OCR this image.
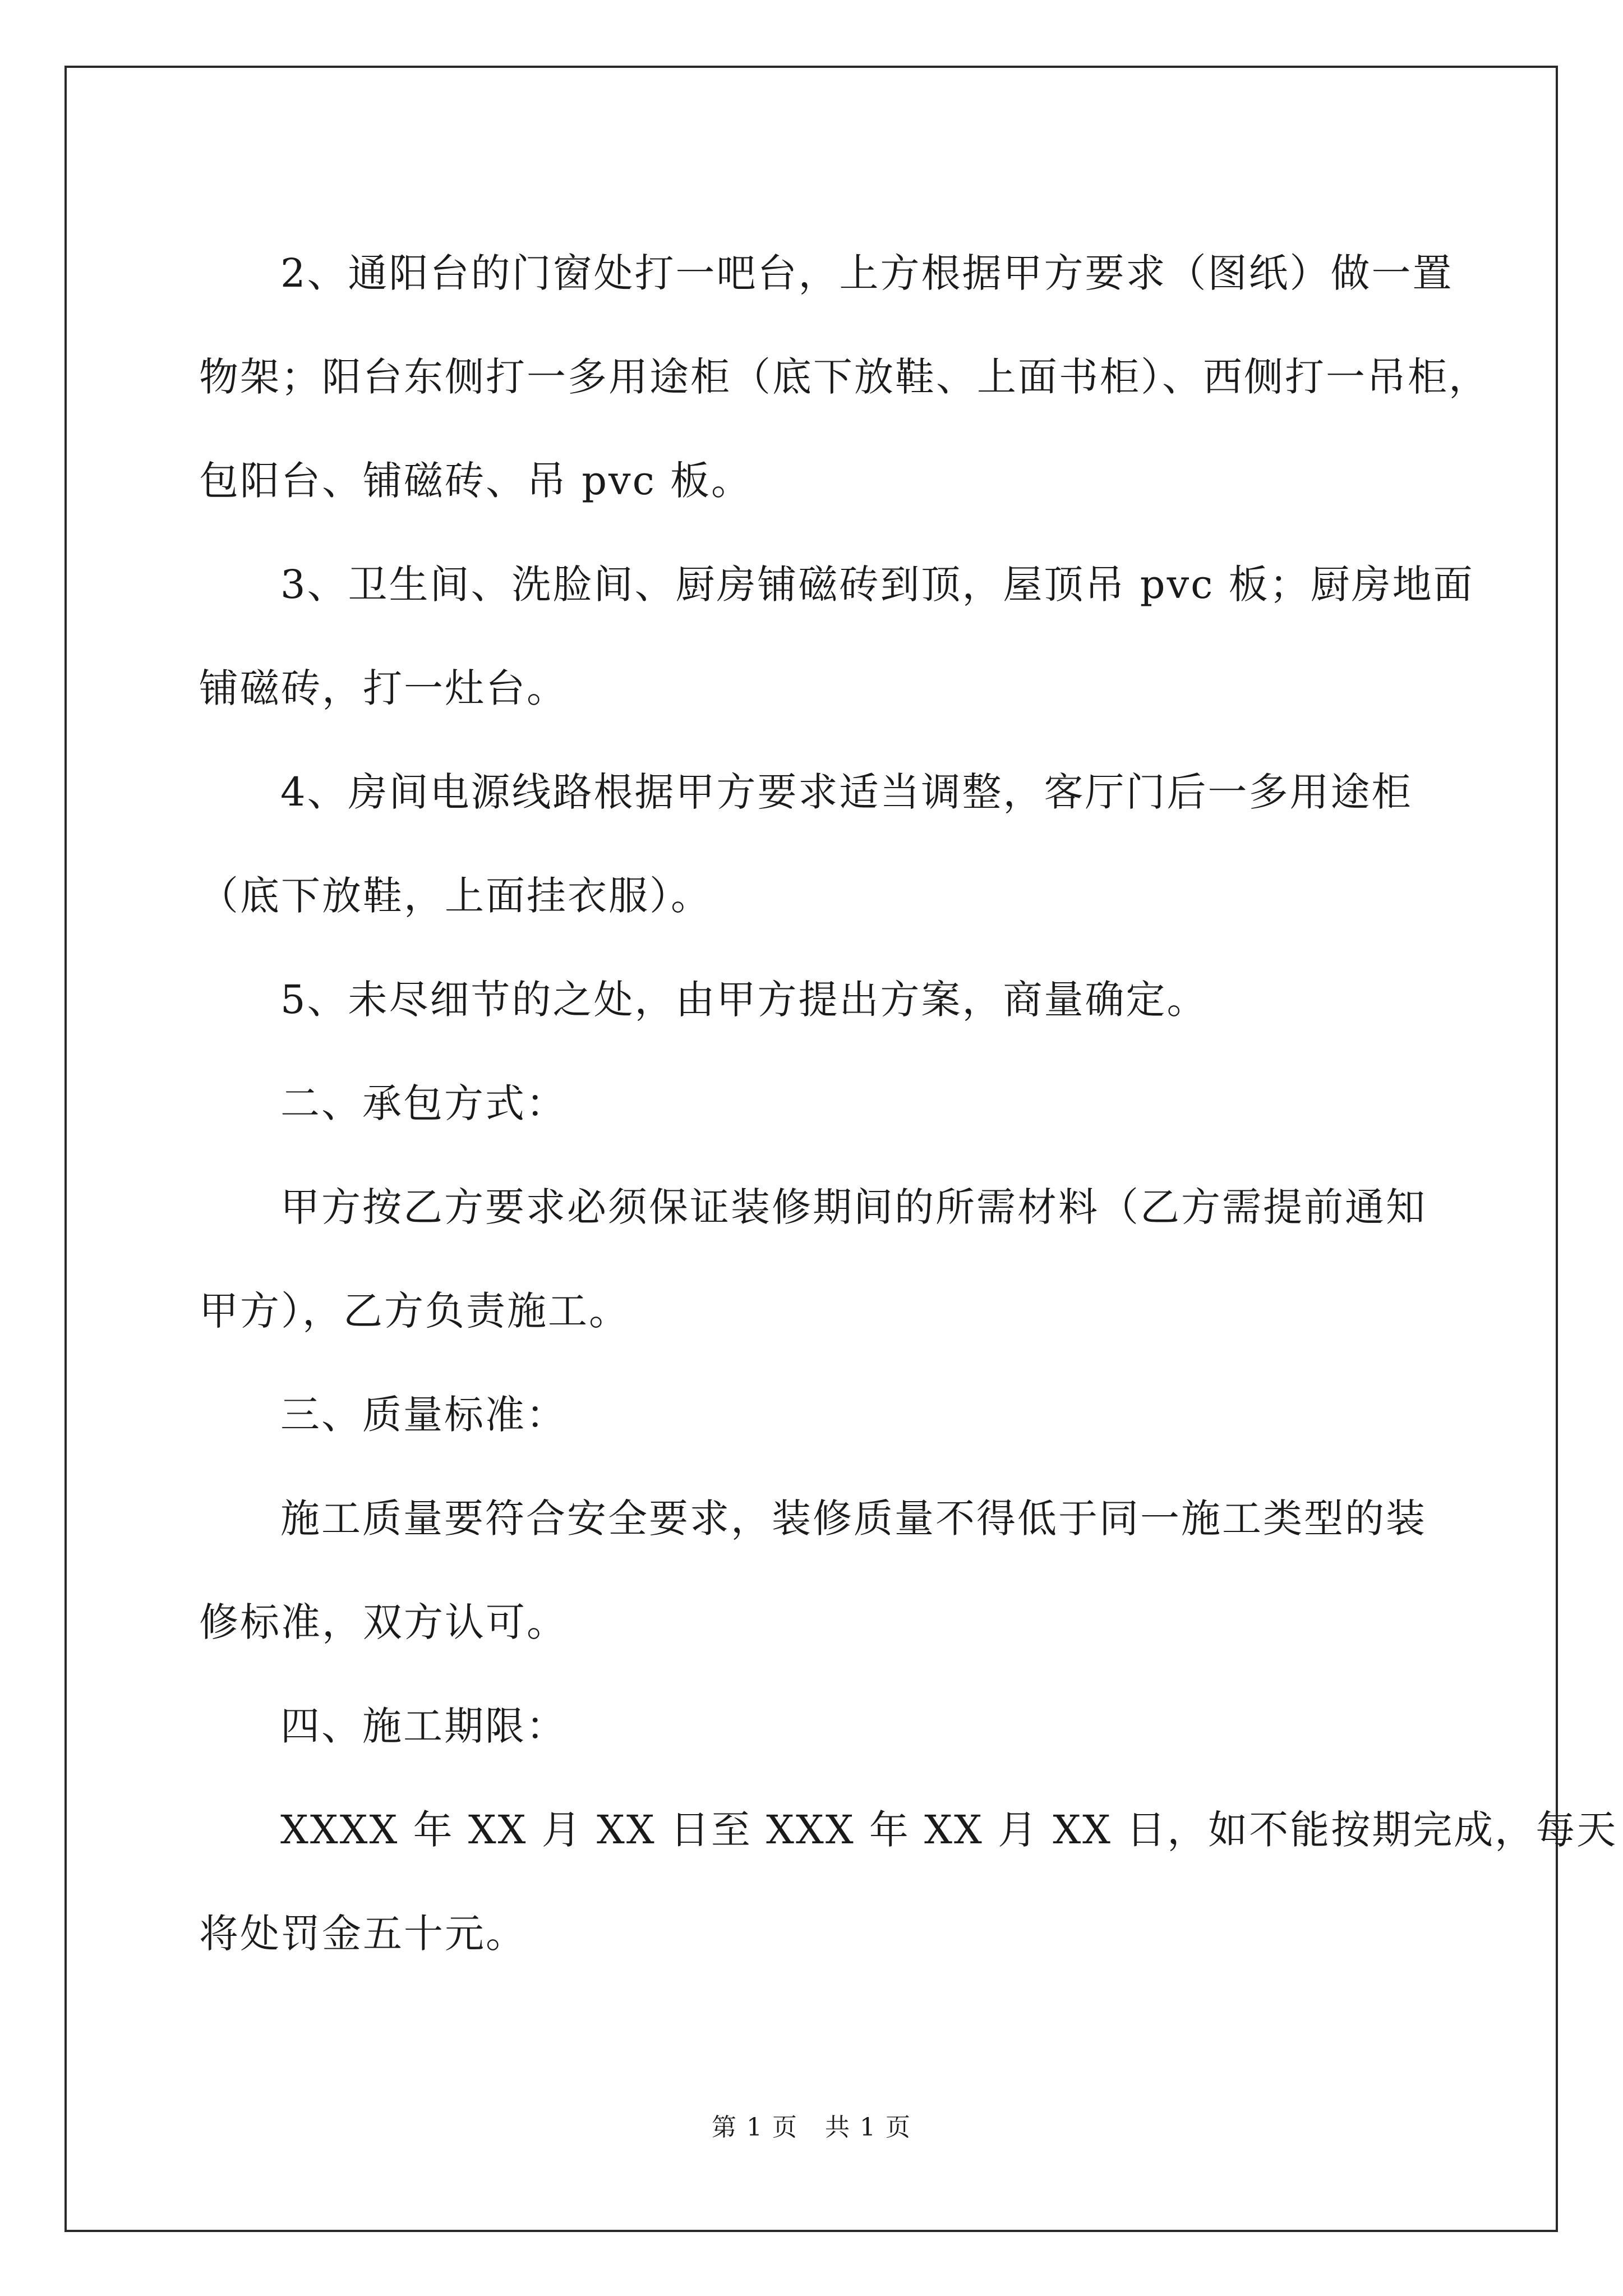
2、通阳台的门窗处打一吧台，上方根据甲方要求（图纸）做一置
物架；阳台东侧打一多用途柜（底下放鞋、上面书柜）、西侧打一吊柜，
包阳台、铺磁砖、吊 pvc 板。

3、卫生间、洗脸间、厨房铺磁砖到顶，屋顶吊 pvc 板；厨房地面
铺磁砖，打一灶台。

4、房间电源线路根据甲方要求适当调整，客厅门后一多用途柜
（底下放鞋，上面挂衣服）。

5、未尽细节的之处，由甲方提出方案，商量确定。

二、承包方式：

甲方按乙方要求必须保证装修期间的所需材料（乙方需提前通知
甲方），乙方负责施工。

三、质量标准：

施工质量要符合安全要求，装修质量不得低于同一施工类型的装
修标准，双方认可。

四、施工期限：

XXXX 年 XX 月 XX 日至 XXX 年 XX 月 XX 日，如不能按期完成，每天
将处罚金五十元。

第 1 页 共 1 页
